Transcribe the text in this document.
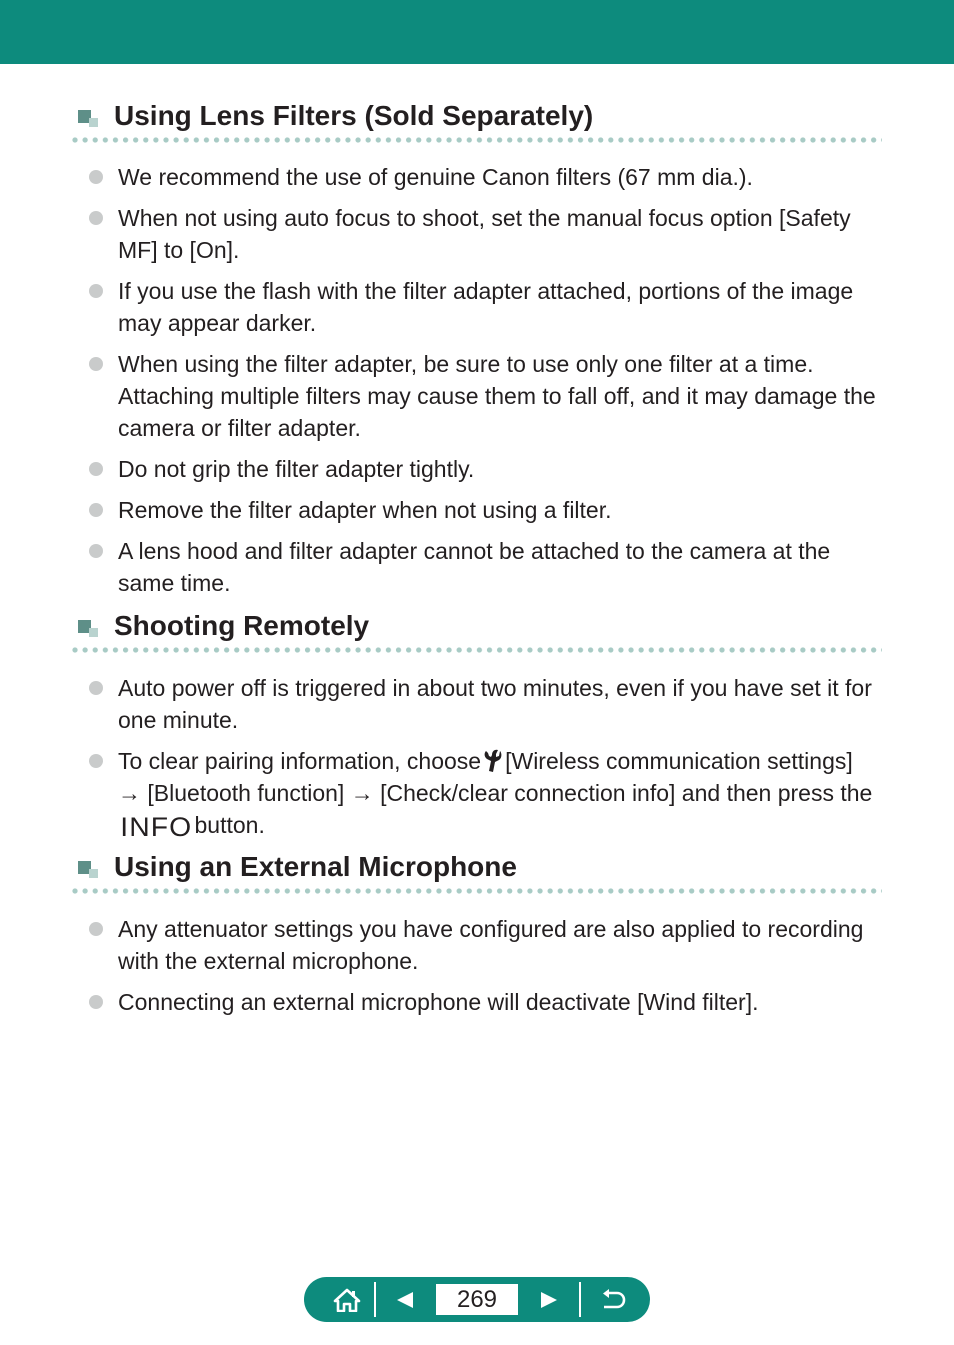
Using Lens Filters (Sold Separately)
We recommend the use of genuine Canon filters (67 mm dia.).
When not using auto focus to shoot, set the manual focus option [Safety MF] to [On].
If you use the flash with the filter adapter attached, portions of the image may appear darker.
When using the filter adapter, be sure to use only one filter at a time. Attaching multiple filters may cause them to fall off, and it may damage the camera or filter adapter.
Do not grip the filter adapter tightly.
Remove the filter adapter when not using a filter.
A lens hood and filter adapter cannot be attached to the camera at the same time.
Shooting Remotely
Auto power off is triggered in about two minutes, even if you have set it for one minute.
To clear pairing information, choose [Wireless communication settings] → [Bluetooth function] → [Check/clear connection info] and then press theINFObutton.
Using an External Microphone
Any attenuator settings you have configured are also applied to recording with the external microphone.
Connecting an external microphone will deactivate [Wind filter].
269
